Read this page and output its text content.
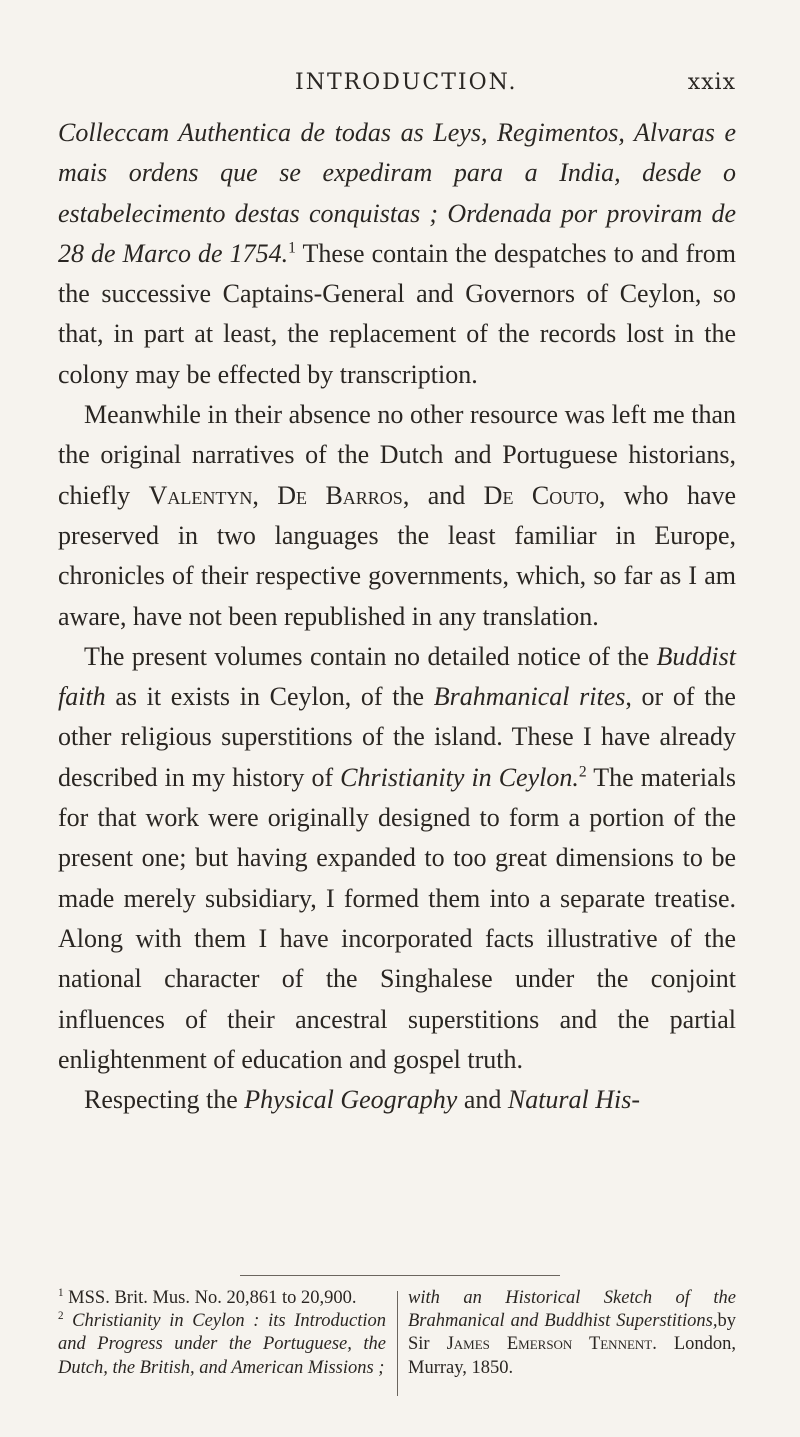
INTRODUCTION.	xxix

Colleccam Authentica de todas as Leys, Regimentos, Alvaras e mais ordens que se expediram para a India, desde o estabelecimento destas conquistas ; Ordenada por proviram de 28 de Marco de 1754.$^1$ These contain the despatches to and from the successive Captains-General and Governors of Ceylon, so that, in part at least, the replacement of the records lost in the colony may be effected by transcription.

Meanwhile in their absence no other resource was left me than the original narratives of the Dutch and Portuguese historians, chiefly Valentyn, De Barros, and De Couto, who have preserved in two languages the least familiar in Europe, chronicles of their respective governments, which, so far as I am aware, have not been republished in any translation.

The present volumes contain no detailed notice of the Buddist faith as it exists in Ceylon, of the Brahmanical rites, or of the other religious superstitions of the island. These I have already described in my history of Christianity in Ceylon.$^2$ The materials for that work were originally designed to form a portion of the present one; but having expanded to too great dimensions to be made merely subsidiary, I formed them into a separate treatise. Along with them I have incorporated facts illustrative of the national character of the Singhalese under the conjoint influences of their ancestral superstitions and the partial enlightenment of education and gospel truth.

Respecting the Physical Geography and Natural His-

$^1$ MSS. Brit. Mus. No. 20,861 to 20,900.

$^2$ Christianity in Ceylon : its Introduction and Progress under the Portuguese, the Dutch, the British, and American Missions ;

with an Historical Sketch of the Brahmanical and Buddhist Superstitions,by Sir James Emerson Tennent. London, Murray, 1850.
